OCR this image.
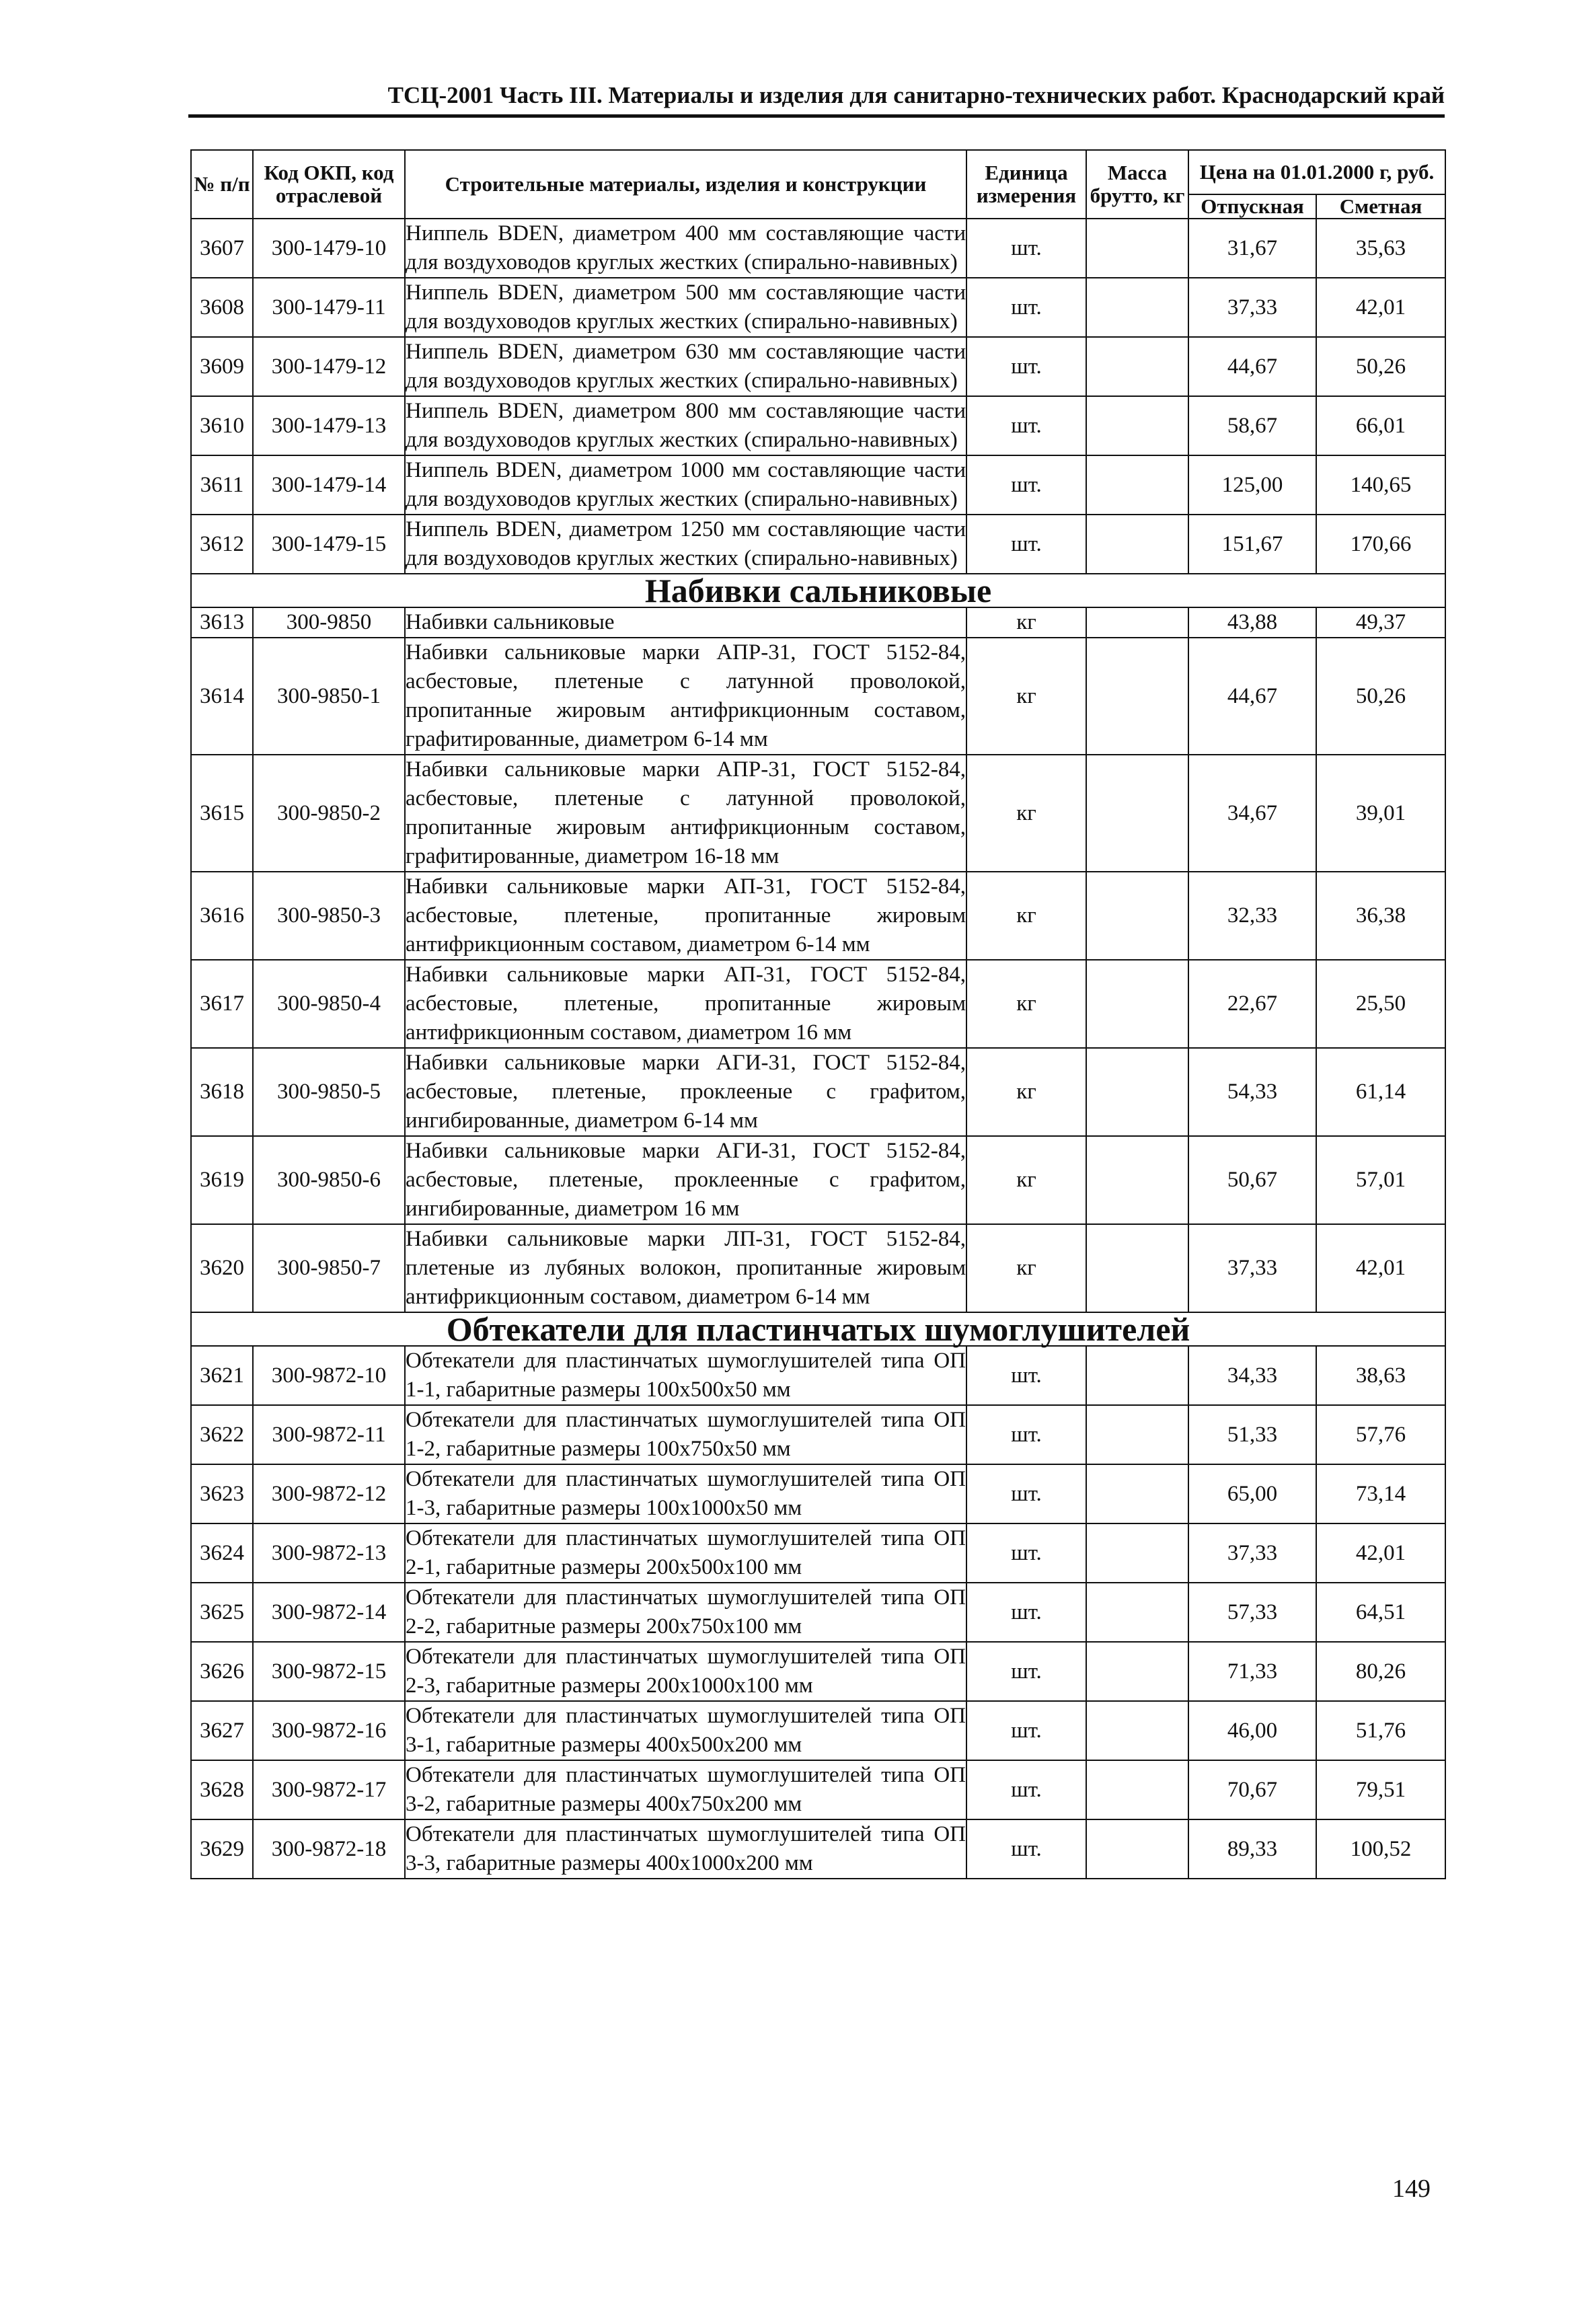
ТСЦ-2001 Часть III. Материалы и изделия для санитарно-технических работ. Краснодарский край
№ п/п	Код ОКП, код отраслевой	Строительные материалы, изделия и конструкции	Единица измерения	Масса брутто, кг	Цена на 01.01.2000 г, руб.	
					Отпускная	Сметная
3607	300-1479-10	Ниппель BDEN, диаметром 400 мм составляющие части для воздуховодов круглых жестких (спирально-навивных)	шт.		31,67	35,63
3608	300-1479-11	Ниппель BDEN, диаметром 500 мм составляющие части для воздуховодов круглых жестких (спирально-навивных)	шт.		37,33	42,01
3609	300-1479-12	Ниппель BDEN, диаметром 630 мм составляющие части для воздуховодов круглых жестких (спирально-навивных)	шт.		44,67	50,26
3610	300-1479-13	Ниппель BDEN, диаметром 800 мм составляющие части для воздуховодов круглых жестких (спирально-навивных)	шт.		58,67	66,01
3611	300-1479-14	Ниппель BDEN, диаметром 1000 мм составляющие части для воздуховодов круглых жестких (спирально-навивных)	шт.		125,00	140,65
3612	300-1479-15	Ниппель BDEN, диаметром 1250 мм составляющие части для воздуховодов круглых жестких (спирально-навивных)	шт.		151,67	170,66
Набивки сальниковые						
3613	300-9850	Набивки сальниковые	кг		43,88	49,37
3614	300-9850-1	Набивки сальниковые марки АПР-31, ГОСТ 5152-84, асбестовые, плетеные с латунной проволокой, пропитанные жировым антифрикционным составом, графитированные, диаметром 6-14 мм	кг		44,67	50,26
3615	300-9850-2	Набивки сальниковые марки АПР-31, ГОСТ 5152-84, асбестовые, плетеные с латунной проволокой, пропитанные жировым антифрикционным составом, графитированные, диаметром 16-18 мм	кг		34,67	39,01
3616	300-9850-3	Набивки сальниковые марки АП-31, ГОСТ 5152-84, асбестовые, плетеные, пропитанные жировым антифрикционным составом, диаметром 6-14 мм	кг		32,33	36,38
3617	300-9850-4	Набивки сальниковые марки АП-31, ГОСТ 5152-84, асбестовые, плетеные, пропитанные жировым антифрикционным составом, диаметром 16 мм	кг		22,67	25,50
3618	300-9850-5	Набивки сальниковые марки АГИ-31, ГОСТ 5152-84, асбестовые, плетеные, проклееные с графитом, ингибированные, диаметром 6-14 мм	кг		54,33	61,14
3619	300-9850-6	Набивки сальниковые марки АГИ-31, ГОСТ 5152-84, асбестовые, плетеные, проклеенные с графитом, ингибированные, диаметром 16 мм	кг		50,67	57,01
3620	300-9850-7	Набивки сальниковые марки ЛП-31, ГОСТ 5152-84, плетеные из лубяных волокон, пропитанные жировым антифрикционным составом, диаметром 6-14 мм	кг		37,33	42,01
Обтекатели для пластинчатых шумоглушителей						
3621	300-9872-10	Обтекатели для пластинчатых шумоглушителей типа ОП 1-1, габаритные размеры 100х500х50 мм	шт.		34,33	38,63
3622	300-9872-11	Обтекатели для пластинчатых шумоглушителей типа ОП 1-2, габаритные размеры 100х750х50 мм	шт.		51,33	57,76
3623	300-9872-12	Обтекатели для пластинчатых шумоглушителей типа ОП 1-3, габаритные размеры 100х1000х50 мм	шт.		65,00	73,14
3624	300-9872-13	Обтекатели для пластинчатых шумоглушителей типа ОП 2-1, габаритные размеры 200х500х100 мм	шт.		37,33	42,01
3625	300-9872-14	Обтекатели для пластинчатых шумоглушителей типа ОП 2-2, габаритные размеры 200х750х100 мм	шт.		57,33	64,51
3626	300-9872-15	Обтекатели для пластинчатых шумоглушителей типа ОП 2-3, габаритные размеры 200х1000х100 мм	шт.		71,33	80,26
3627	300-9872-16	Обтекатели для пластинчатых шумоглушителей типа ОП 3-1, габаритные размеры 400х500х200 мм	шт.		46,00	51,76
3628	300-9872-17	Обтекатели для пластинчатых шумоглушителей типа ОП 3-2, габаритные размеры 400х750х200 мм	шт.		70,67	79,51
3629	300-9872-18	Обтекатели для пластинчатых шумоглушителей типа ОП 3-3, габаритные размеры 400х1000х200 мм	шт.		89,33	100,52
149
